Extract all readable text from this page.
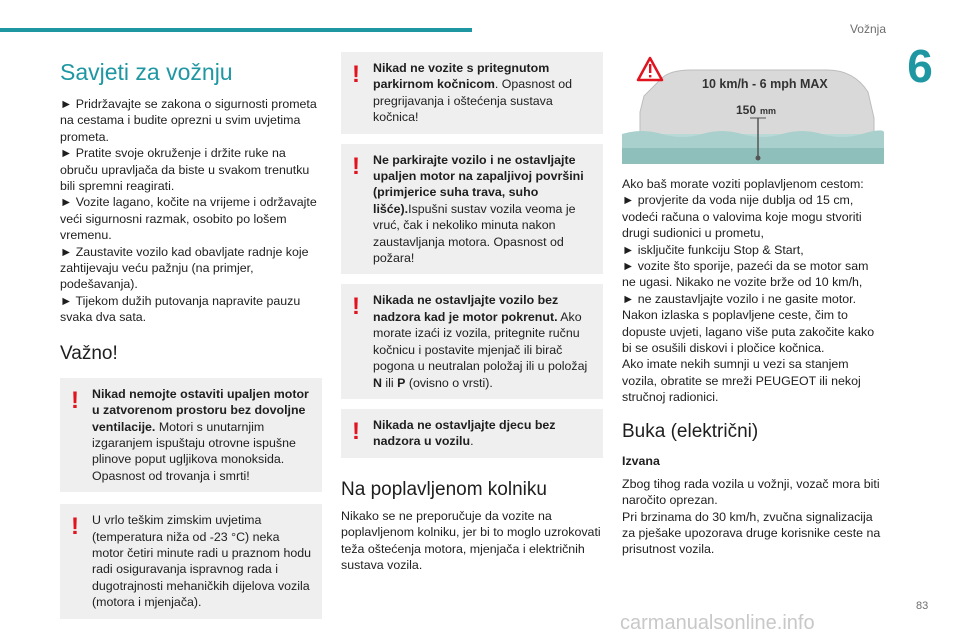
Vožnja
6
Savjeti za vožnju

► Pridržavajte se zakona o sigurnosti prometa na cestama i budite oprezni u svim uvjetima prometa.

► Pratite svoje okruženje i držite ruke na obruču upravljača da biste u svakom trenutku bili spremni reagirati.

► Vozite lagano, kočite na vrijeme i održavajte veći sigurnosni razmak, osobito po lošem vremenu.

► Zaustavite vozilo kad obavljate radnje koje zahtijevaju veću pažnju (na primjer, podešavanja).

► Tijekom dužih putovanja napravite pauzu svaka dva sata.

Važno!
!	Nikad nemojte ostaviti upaljen motor u zatvorenom prostoru bez dovoljne ventilacije. Motori s unutarnjim izgaranjem ispuštaju otrovne ispušne plinove poput ugljikova monoksida. Opasnost od trovanja i smrti!
!	U vrlo teškim zimskim uvjetima (temperatura niža od -23 °C) neka motor četiri minute radi u praznom hodu radi osiguravanja ispravnog rada i dugotrajnosti mehaničkih dijelova vozila (motora i mjenjača).
!	Nikad ne vozite s pritegnutom parkirnom kočnicom. Opasnost od pregrijavanja i oštećenja sustava kočnica!
!	Ne parkirajte vozilo i ne ostavljajte upaljen motor na zapaljivoj površini (primjerice suha trava, suho lišće).Ispušni sustav vozila veoma je vruć, čak i nekoliko minuta nakon zaustavljanja motora. Opasnost od požara!
!	Nikada ne ostavljajte vozilo bez nadzora kad je motor pokrenut. Ako morate izaći iz vozila, pritegnite ručnu kočnicu i postavite mjenjač ili birač pogona u neutralan položaj ili u položaj N ili P (ovisno o vrsti).
!	Nikada ne ostavljajte djecu bez nadzora u vozilu.
Na poplavljenom kolniku

Nikako se ne preporučuje da vozite na poplavljenom kolniku, jer bi to moglo uzrokovati teža oštećenja motora, mjenjača i električnih sustava vozila.

10 km/h - 6 mph MAX
150 mm

Ako baš morate voziti poplavljenom cestom:

► provjerite da voda nije dublja od 15 cm, vodeći računa o valovima koje mogu stvoriti drugi sudionici u prometu,

► isključite funkciju Stop & Start,

► vozite što sporije, pazeći da se motor sam ne ugasi. Nikako ne vozite brže od 10 km/h,

► ne zaustavljajte vozilo i ne gasite motor.

Nakon izlaska s poplavljene ceste, čim to dopuste uvjeti, lagano više puta zakočite kako bi se osušili diskovi i pločice kočnica.

Ako imate nekih sumnji u vezi sa stanjem vozila, obratite se mreži PEUGEOT ili nekoj stručnoj radionici.

Buka (električni)
Izvana

Zbog tihog rada vozila u vožnji, vozač mora biti naročito oprezan.

Pri brzinama do 30 km/h, zvučna signalizacija za pješake upozorava druge korisnike ceste na prisutnost vozila.

carmanualsonline.info
83
